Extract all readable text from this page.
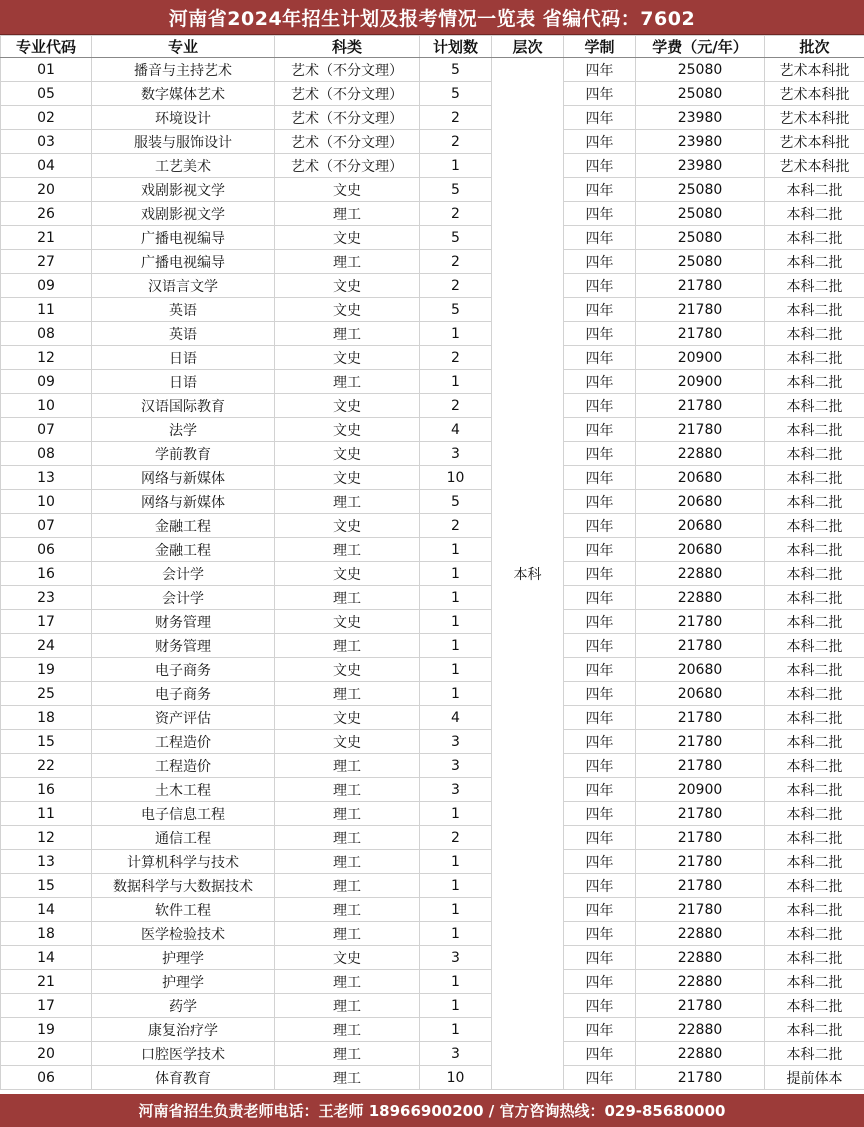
河南省2024年招生计划及报考情况一览表 省编代码：7602
专业代码	专业	科类	计划数	层次	学制	学费（元/年）	批次
01	播音与主持艺术	艺术（不分文理）	5	本科	四年	25080	艺术本科批
05	数字媒体艺术	艺术（不分文理）	5		四年	25080	艺术本科批
02	环境设计	艺术（不分文理）	2		四年	23980	艺术本科批
03	服装与服饰设计	艺术（不分文理）	2		四年	23980	艺术本科批
04	工艺美术	艺术（不分文理）	1		四年	23980	艺术本科批
20	戏剧影视文学	文史	5		四年	25080	本科二批
26	戏剧影视文学	理工	2		四年	25080	本科二批
21	广播电视编导	文史	5		四年	25080	本科二批
27	广播电视编导	理工	2		四年	25080	本科二批
09	汉语言文学	文史	2		四年	21780	本科二批
11	英语	文史	5		四年	21780	本科二批
08	英语	理工	1		四年	21780	本科二批
12	日语	文史	2		四年	20900	本科二批
09	日语	理工	1		四年	20900	本科二批
10	汉语国际教育	文史	2		四年	21780	本科二批
07	法学	文史	4		四年	21780	本科二批
08	学前教育	文史	3		四年	22880	本科二批
13	网络与新媒体	文史	10		四年	20680	本科二批
10	网络与新媒体	理工	5		四年	20680	本科二批
07	金融工程	文史	2		四年	20680	本科二批
06	金融工程	理工	1		四年	20680	本科二批
16	会计学	文史	1		四年	22880	本科二批
23	会计学	理工	1		四年	22880	本科二批
17	财务管理	文史	1		四年	21780	本科二批
24	财务管理	理工	1		四年	21780	本科二批
19	电子商务	文史	1		四年	20680	本科二批
25	电子商务	理工	1		四年	20680	本科二批
18	资产评估	文史	4		四年	21780	本科二批
15	工程造价	文史	3		四年	21780	本科二批
22	工程造价	理工	3		四年	21780	本科二批
16	土木工程	理工	3		四年	20900	本科二批
11	电子信息工程	理工	1		四年	21780	本科二批
12	通信工程	理工	2		四年	21780	本科二批
13	计算机科学与技术	理工	1		四年	21780	本科二批
15	数据科学与大数据技术	理工	1		四年	21780	本科二批
14	软件工程	理工	1		四年	21780	本科二批
18	医学检验技术	理工	1		四年	22880	本科二批
14	护理学	文史	3		四年	22880	本科二批
21	护理学	理工	1		四年	22880	本科二批
17	药学	理工	1		四年	21780	本科二批
19	康复治疗学	理工	1		四年	22880	本科二批
20	口腔医学技术	理工	3		四年	22880	本科二批
06	体育教育	理工	10		四年	21780	提前体本
河南省招生负责老师电话：王老师 18966900200 / 官方咨询热线：029-85680000
